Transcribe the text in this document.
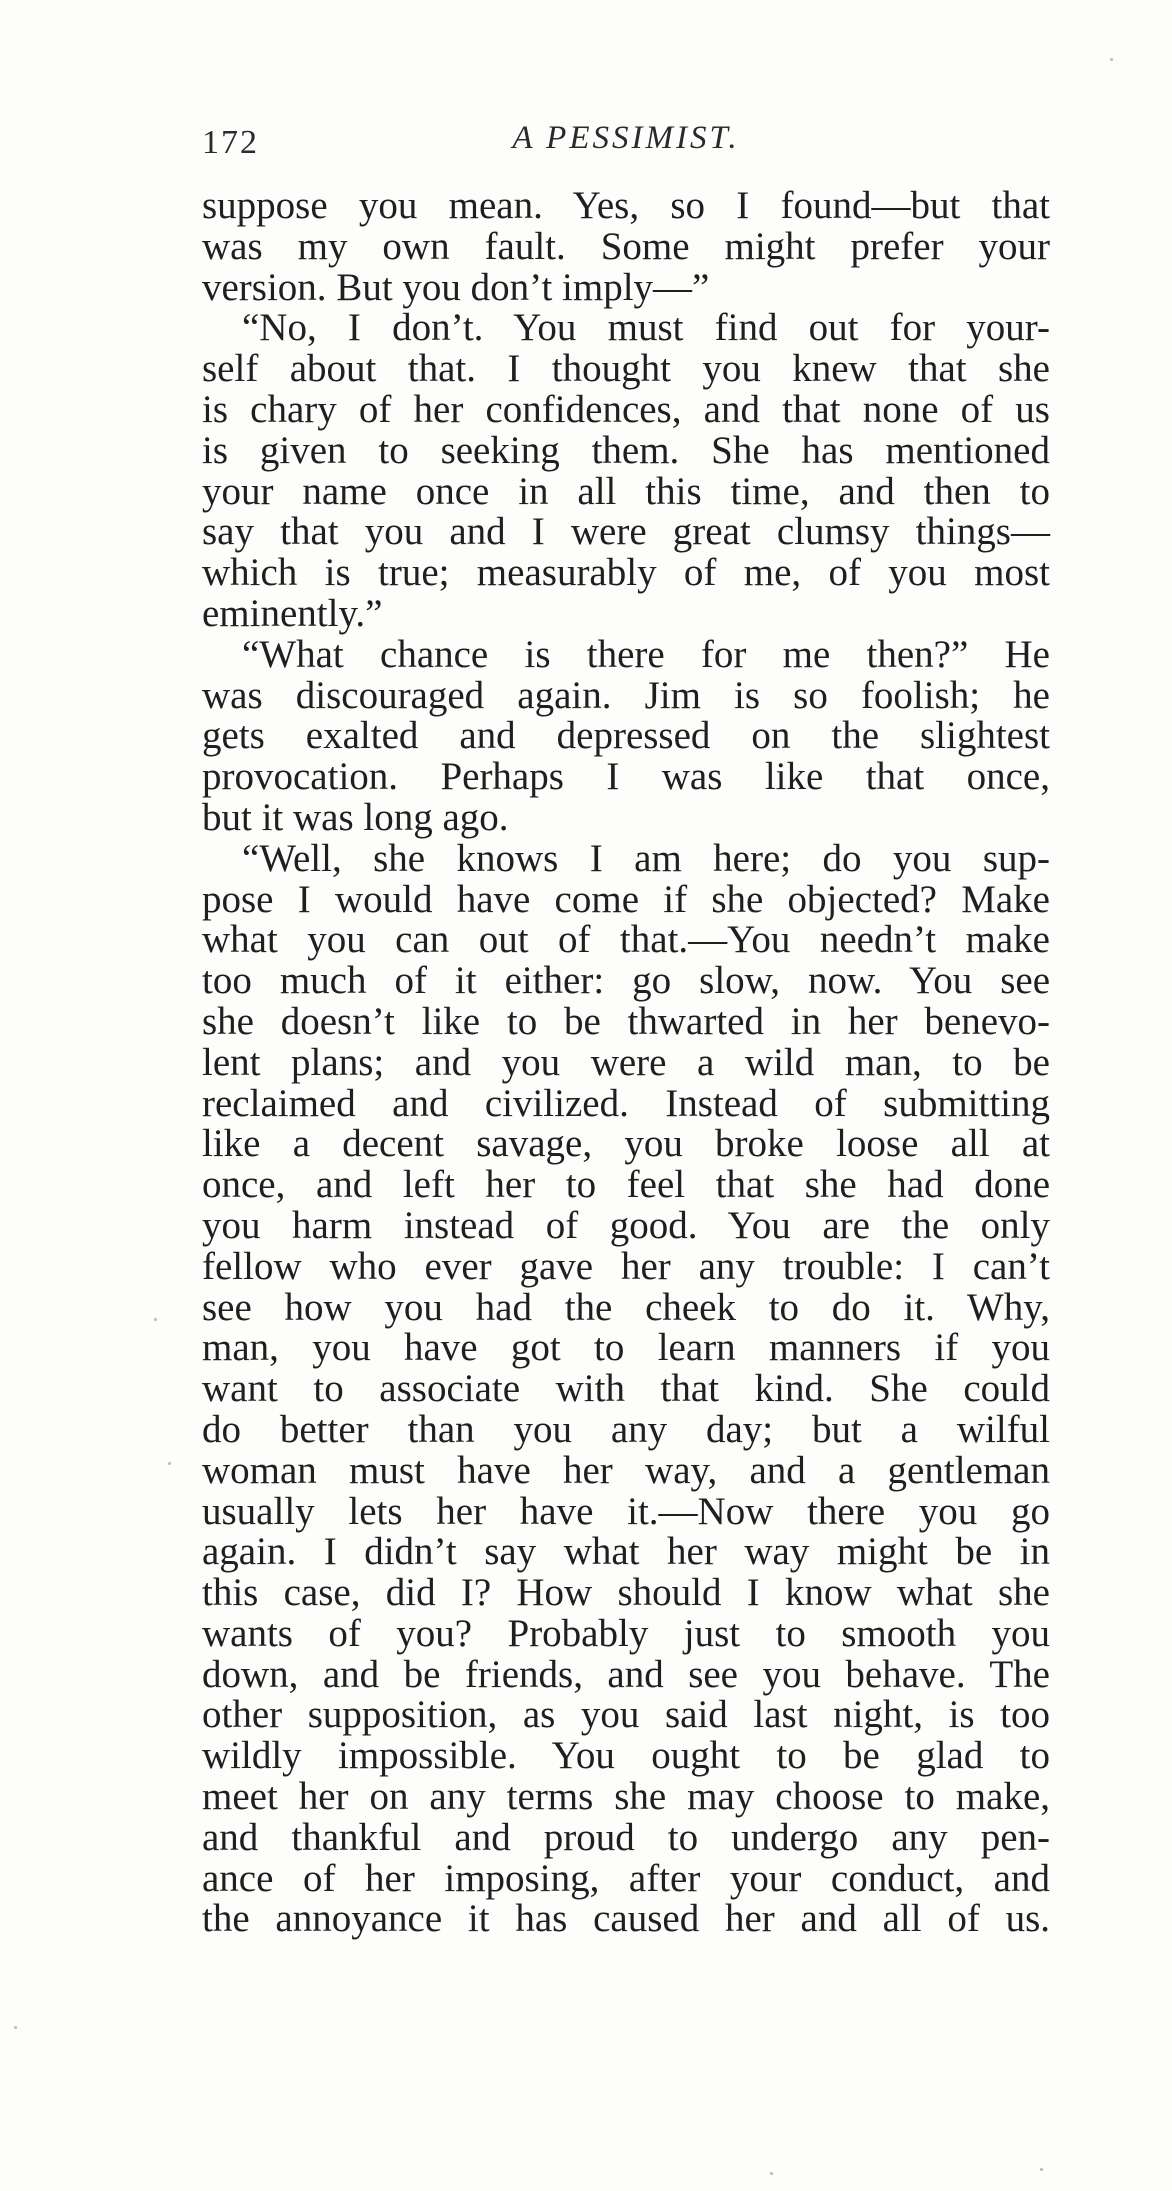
172	A PESSIMIST.
suppose you mean. Yes, so I found—but that
was my own fault. Some might prefer your
version. But you don’t imply—”
“No, I don’t. You must find out for your-
self about that. I thought you knew that she
is chary of her confidences, and that none of us
is given to seeking them. She has mentioned
your name once in all this time, and then to
say that you and I were great clumsy things—
which is true; measurably of me, of you most
eminently.”
“What chance is there for me then?” He
was discouraged again. Jim is so foolish; he
gets exalted and depressed on the slightest
provocation. Perhaps I was like that once,
but it was long ago.
“Well, she knows I am here; do you sup-
pose I would have come if she objected? Make
what you can out of that.—You needn’t make
too much of it either: go slow, now. You see
she doesn’t like to be thwarted in her benevo-
lent plans; and you were a wild man, to be
reclaimed and civilized. Instead of submitting
like a decent savage, you broke loose all at
once, and left her to feel that she had done
you harm instead of good. You are the only
fellow who ever gave her any trouble: I can’t
see how you had the cheek to do it. Why,
man, you have got to learn manners if you
want to associate with that kind. She could
do better than you any day; but a wilful
woman must have her way, and a gentleman
usually lets her have it.—Now there you go
again. I didn’t say what her way might be in
this case, did I? How should I know what she
wants of you? Probably just to smooth you
down, and be friends, and see you behave. The
other supposition, as you said last night, is too
wildly impossible. You ought to be glad to
meet her on any terms she may choose to make,
and thankful and proud to undergo any pen-
ance of her imposing, after your conduct, and
the annoyance it has caused her and all of us.
